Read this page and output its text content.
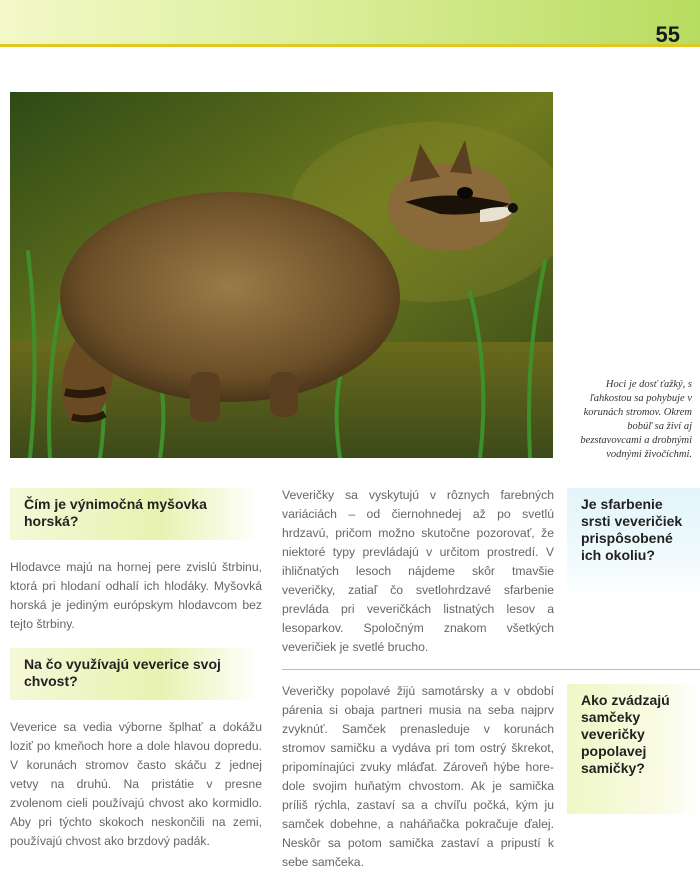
55
Hoci je dosť ťažký, s ľahkostou sa pohybuje v korunách stromov. Okrem bobúľ sa živí aj bezstavovcami a drobnými vodnými živočíchmi.
Čím je výnimočná myšovka horská?
Hlodavce majú na hornej pere zvislú štrbinu, ktorá pri hlodaní odhalí ich hlodáky. Myšovká horská je jediným európskym hlodavcom bez tejto štrbiny.
Na čo využívajú veverice svoj chvost?
Veverice sa vedia výborne šplhať a dokážu loziť po kmeňoch hore a dole hlavou dopredu. V korunách stromov často skáču z jednej vetvy na druhú. Na pristátie v presne zvolenom cieli používajú chvost ako kormidlo. Aby pri týchto skokoch neskončili na zemi, používajú chvost ako brzdový padák.
Veveričky sa vyskytujú v rôznych farebných variáciách – od čiernohnedej až po svetlú hrdzavú, pričom možno skutočne pozorovať, že niektoré typy prevládajú v určitom prostredí. V ihličnatých lesoch nájdeme skôr tmavšie veveričky, zatiaľ čo svetlohrdzavé sfarbenie prevláda pri veveričkách listnatých lesov a lesoparkov. Spoločným znakom všetkých veveričiek je svetlé brucho.
Veveričky popolavé žijú samotársky a v období párenia si obaja partneri musia na seba najprv zvyknúť. Samček prenasleduje v korunách stromov samičku a vydáva pri tom ostrý škrekot, pripomínajúci zvuky mláďat. Zároveň hýbe hore-dole svojim huňatým chvostom. Ak je samička príliš rýchla, zastaví sa a chvíľu počká, kým ju samček dobehne, a naháňačka pokračuje ďalej. Neskôr sa potom samička zastaví a pripustí k sebe samčeka.
Je sfarbenie srsti veveričiek prispôsobené ich okoliu?
Ako zvádzajú samčeky veveričky popolavej samičky?
